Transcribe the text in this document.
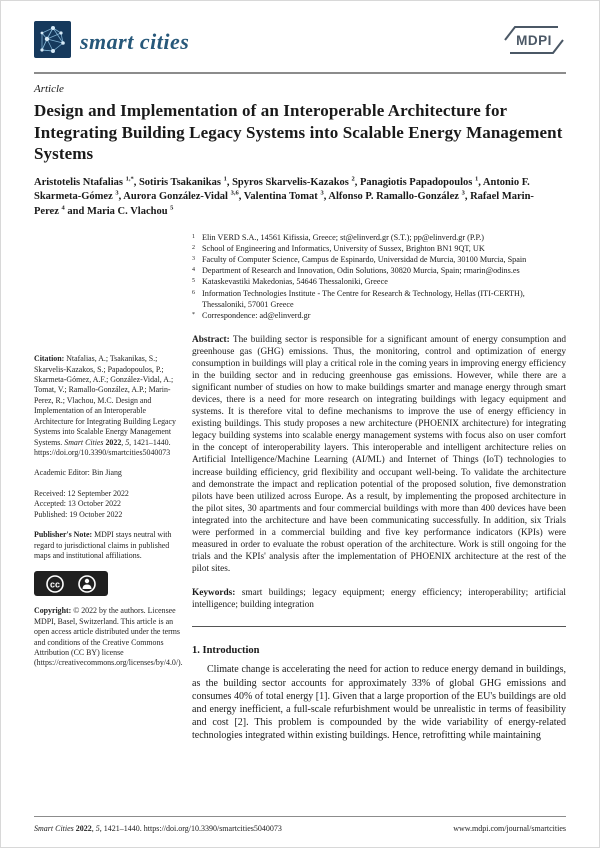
smart cities	MDPI
Article
Design and Implementation of an Interoperable Architecture for Integrating Building Legacy Systems into Scalable Energy Management Systems
Aristotelis Ntafalias $^{1,*}$, Sotiris Tsakanikas $^1$, Spyros Skarvelis-Kazakos $^2$, Panagiotis Papadopoulos $^1$, Antonio F. Skarmeta-Gómez $^3$, Aurora González-Vidal $^{3,6}$, Valentina Tomat $^3$, Alfonso P. Ramallo-González $^3$, Rafael Marin-Perez $^4$ and Maria C. Vlachou $^5$

Citation: Ntafalias, A.; Tsakanikas, S.; Skarvelis-Kazakos, S.; Papadopoulos, P.; Skarmeta-Gómez, A.F.; González-Vidal, A.; Tomat, V.; Ramallo-González, A.P.; Marin-Perez, R.; Vlachou, M.C. Design and Implementation of an Interoperable Architecture for Integrating Building Legacy Systems into Scalable Energy Management Systems. Smart Cities 2022, 5, 1421–1440. https://doi.org/10.3390/smartcities5040073

Academic Editor: Bin Jiang

Received: 12 September 2022
Accepted: 13 October 2022
Published: 19 October 2022

Publisher's Note: MDPI stays neutral with regard to jurisdictional claims in published maps and institutional affiliations.

cc

Copyright: © 2022 by the authors. Licensee MDPI, Basel, Switzerland. This article is an open access article distributed under the terms and conditions of the Creative Commons Attribution (CC BY) license (https://creativecommons.org/licenses/by/4.0/).

1 Elin VERD S.A., 14561 Kifissia, Greece; st@elinverd.gr (S.T.); pp@elinverd.gr (P.P.)
2 School of Engineering and Informatics, University of Sussex, Brighton BN1 9QT, UK
3 Faculty of Computer Science, Campus de Espinardo, Universidad de Murcia, 30100 Murcia, Spain
4 Department of Research and Innovation, Odin Solutions, 30820 Murcia, Spain; rmarin@odins.es
5 Kataskevastiki Makedonias, 54646 Thessaloniki, Greece
6 Information Technologies Institute - The Centre for Research & Technology, Hellas (ITI-CERTH), Thessaloniki, 57001 Greece
* Correspondence: ad@elinverd.gr
Abstract: The building sector is responsible for a significant amount of energy consumption and greenhouse gas (GHG) emissions. Thus, the monitoring, control and optimization of energy consumption in buildings will play a critical role in the coming years in improving energy efficiency in the building sector and in reducing greenhouse gas emissions. However, while there are a significant number of studies on how to make buildings smarter and manage energy through smart devices, there is a need for more research on integrating buildings with legacy equipment and systems. It is therefore vital to define mechanisms to improve the use of energy efficiency in existing buildings. This study proposes a new architecture (PHOENIX architecture) for integrating legacy building systems into scalable energy management systems with focus also on user comfort in the concept of interoperability layers. This interoperable and intelligent architecture relies on Artificial Intelligence/Machine Learning (AI/ML) and Internet of Things (IoT) technologies to increase building efficiency, grid flexibility and occupant well-being. To validate the architecture and demonstrate the impact and replication potential of the proposed solution, five demonstration pilots have been utilized across Europe. As a result, by implementing the proposed architecture in the pilot sites, 30 apartments and four commercial buildings with more than 400 devices have been integrated into the architecture and have been communicating successfully. In addition, six Trials were performed in a commercial building and five key performance indicators (KPIs) were measured in order to evaluate the robust operation of the architecture. Work is still ongoing for the trials and the KPIs' analysis after the implementation of PHOENIX architecture at the rest of the pilot sites.
Keywords: smart buildings; legacy equipment; energy efficiency; interoperability; artificial intelligence; building integration
1. Introduction
Climate change is accelerating the need for action to reduce energy demand in buildings, as the building sector accounts for approximately 33% of global GHG emissions and consumes 40% of total energy [1]. Given that a large proportion of the EU's buildings are old and energy inefficient, a full-scale refurbishment would be unrealistic in terms of feasibility and cost [2]. This problem is compounded by the wide variability of energy-related technologies integrated within existing buildings. Hence, retrofitting while maintaining
Smart Cities 2022, 5, 1421–1440. https://doi.org/10.3390/smartcities5040073	www.mdpi.com/journal/smartcities
